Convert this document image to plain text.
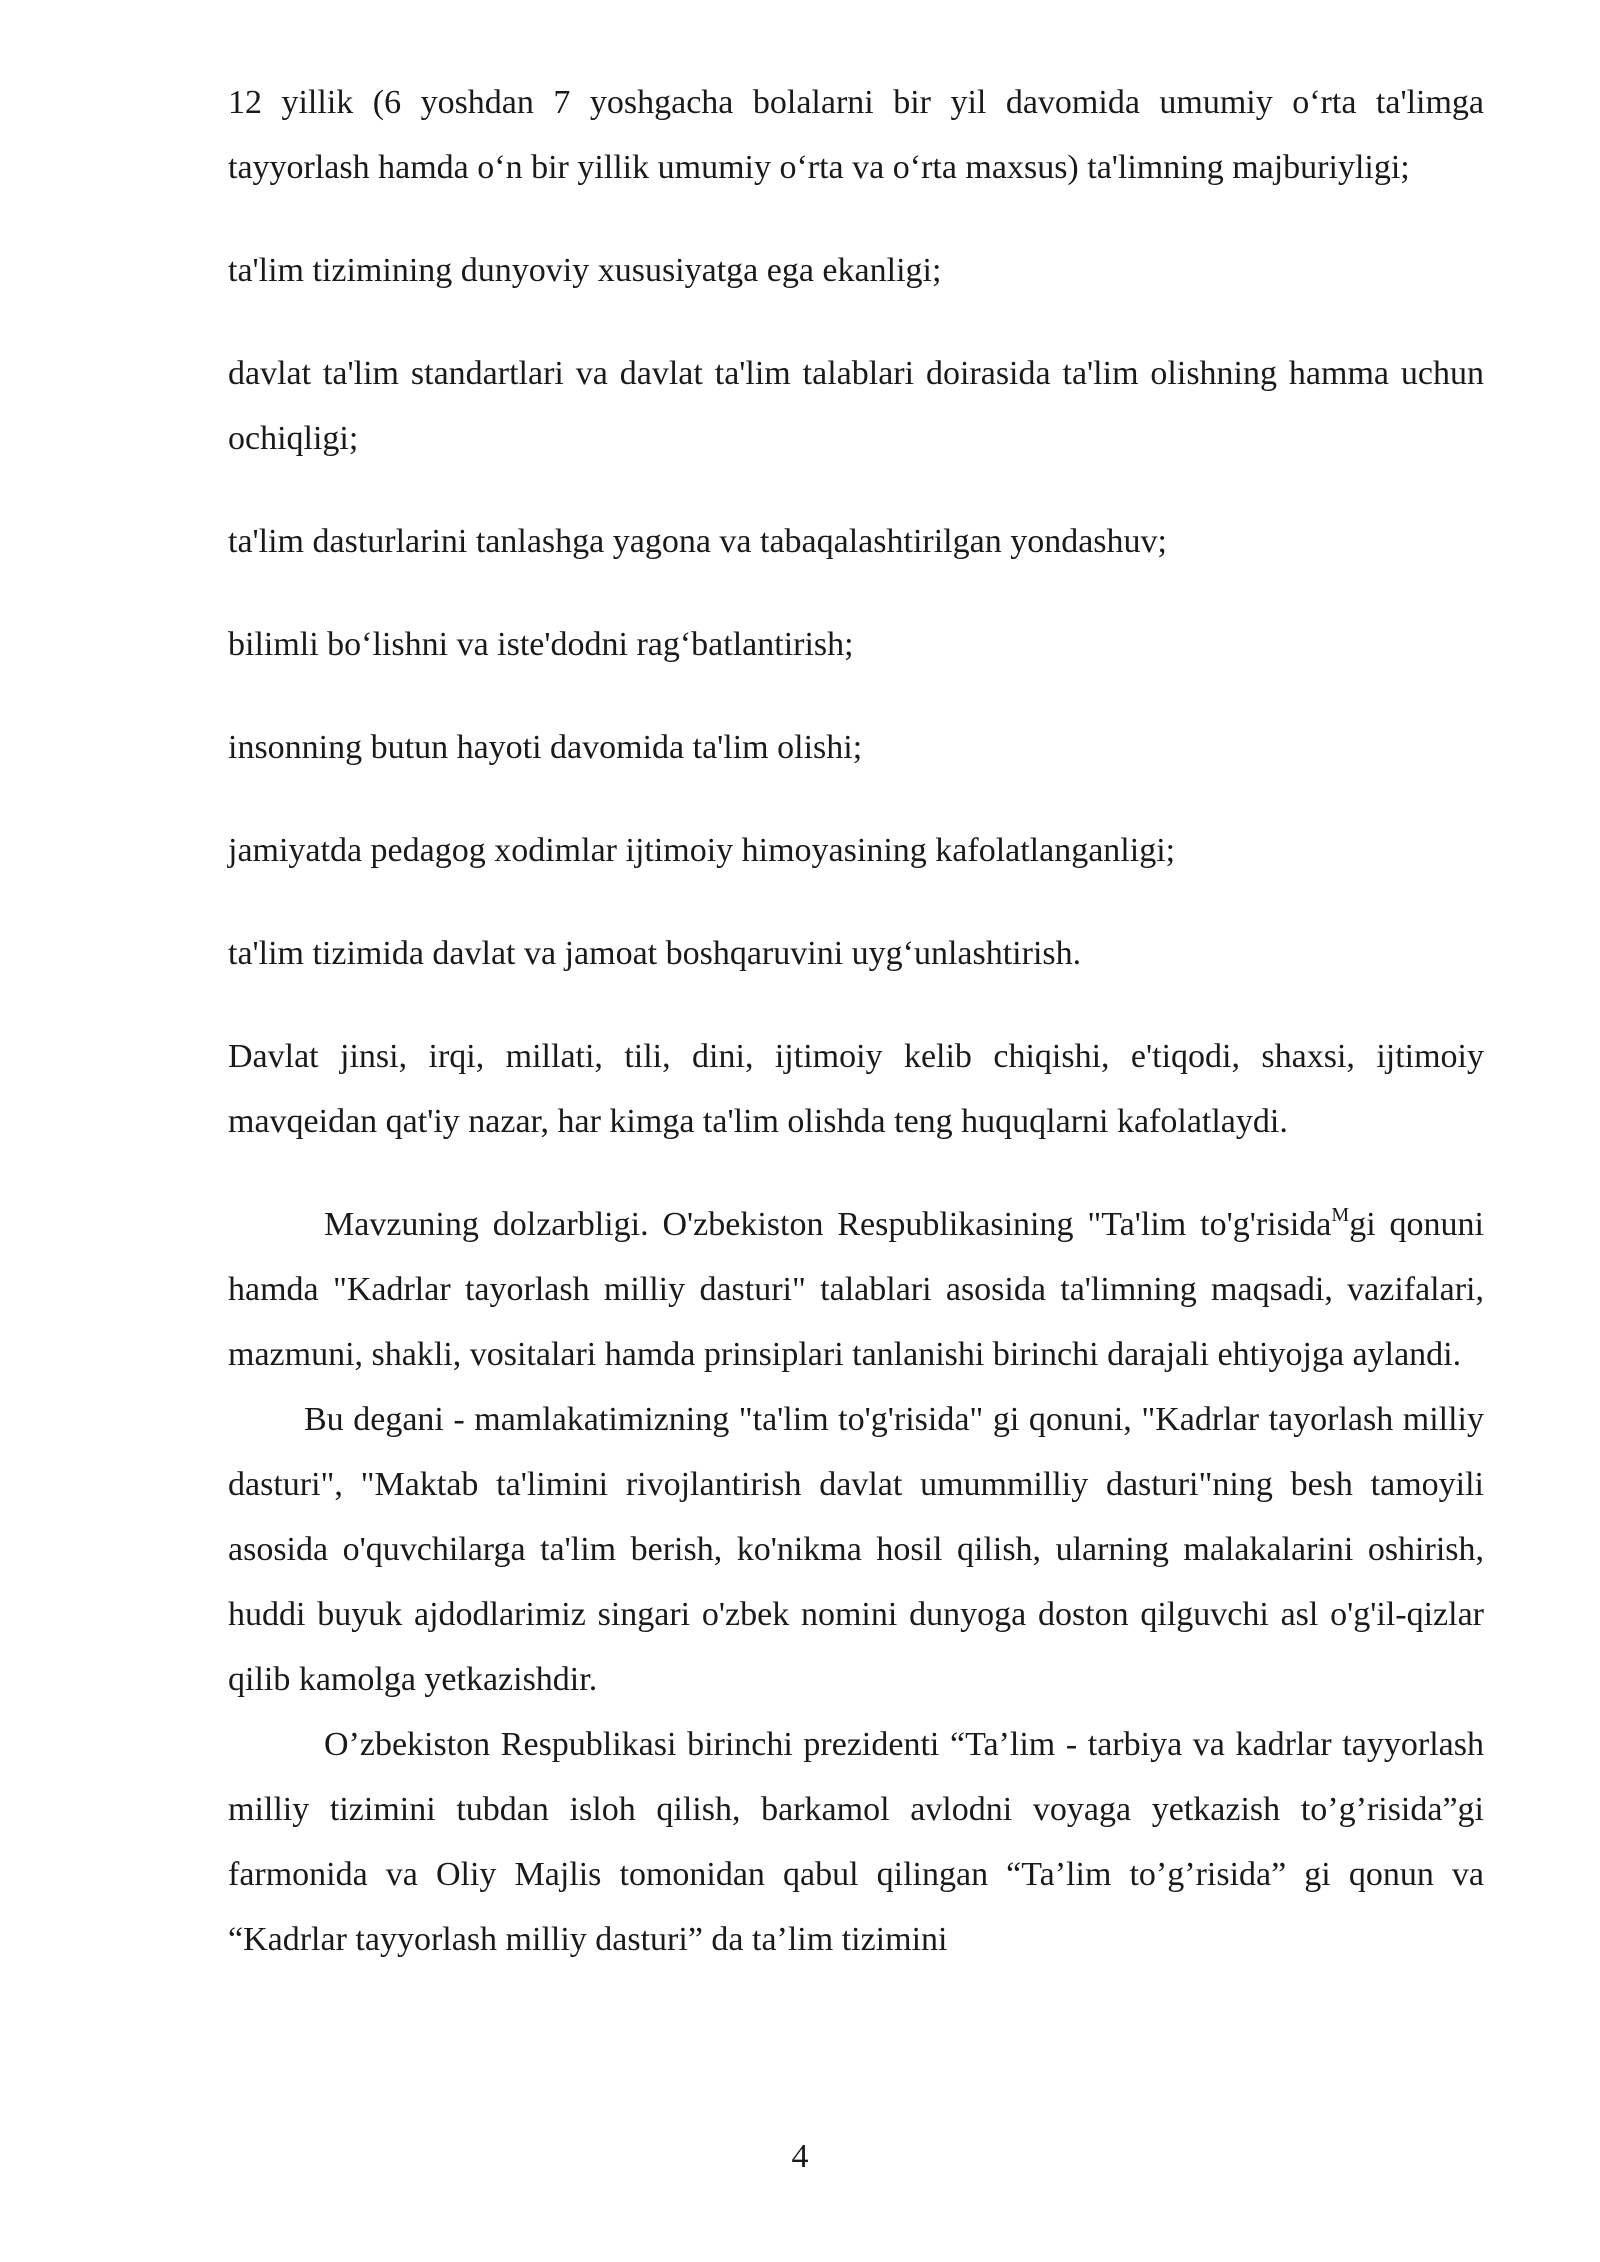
12 yillik (6 yoshdan 7 yoshgacha bolalarni bir yil davomida umumiy o‘rta ta'limga tayyorlash hamda o‘n bir yillik umumiy o‘rta va o‘rta maxsus) ta'limning majburiyligi;

ta'lim tizimining dunyoviy xususiyatga ega ekanligi;

davlat ta'lim standartlari va davlat ta'lim talablari doirasida ta'lim olishning hamma uchun ochiqligi;

ta'lim dasturlarini tanlashga yagona va tabaqalashtirilgan yondashuv;

bilimli bo‘lishni va iste'dodni rag‘batlantirish;

insonning butun hayoti davomida ta'lim olishi;

jamiyatda pedagog xodimlar ijtimoiy himoyasining kafolatlanganligi;

ta'lim tizimida davlat va jamoat boshqaruvini uyg‘unlashtirish.

Davlat jinsi, irqi, millati, tili, dini, ijtimoiy kelib chiqishi, e'tiqodi, shaxsi, ijtimoiy mavqeidan qat'iy nazar, har kimga ta'lim olishda teng huquqlarni kafolatlaydi.

Mavzuning dolzarbligi. O'zbekiston Respublikasining "Ta'lim to'g'risida$^M$gi qonuni hamda "Kadrlar tayorlash milliy dasturi" talablari asosida ta'limning maqsadi, vazifalari, mazmuni, shakli, vositalari hamda prinsiplari tanlanishi birinchi darajali ehtiyojga aylandi.

Bu degani - mamlakatimizning "ta'lim to'g'risida" gi qonuni, "Kadrlar tayorlash milliy dasturi", "Maktab ta'limini rivojlantirish davlat umummilliy dasturi"ning besh tamoyili asosida o'quvchilarga ta'lim berish, ko'nikma hosil qilish, ularning malakalarini oshirish, huddi buyuk ajdodlarimiz singari o'zbek nomini dunyoga doston qilguvchi asl o'g'il-qizlar qilib kamolga yetkazishdir.

O’zbekiston Respublikasi birinchi prezidenti “Ta’lim - tarbiya va kadrlar tayyorlash milliy tizimini tubdan isloh qilish, barkamol avlodni voyaga yetkazish to’g’risida”gi farmonida va Oliy Majlis tomonidan qabul qilingan “Ta’lim to’g’risida” gi qonun va “Kadrlar tayyorlash milliy dasturi” da ta’lim tizimini

4
